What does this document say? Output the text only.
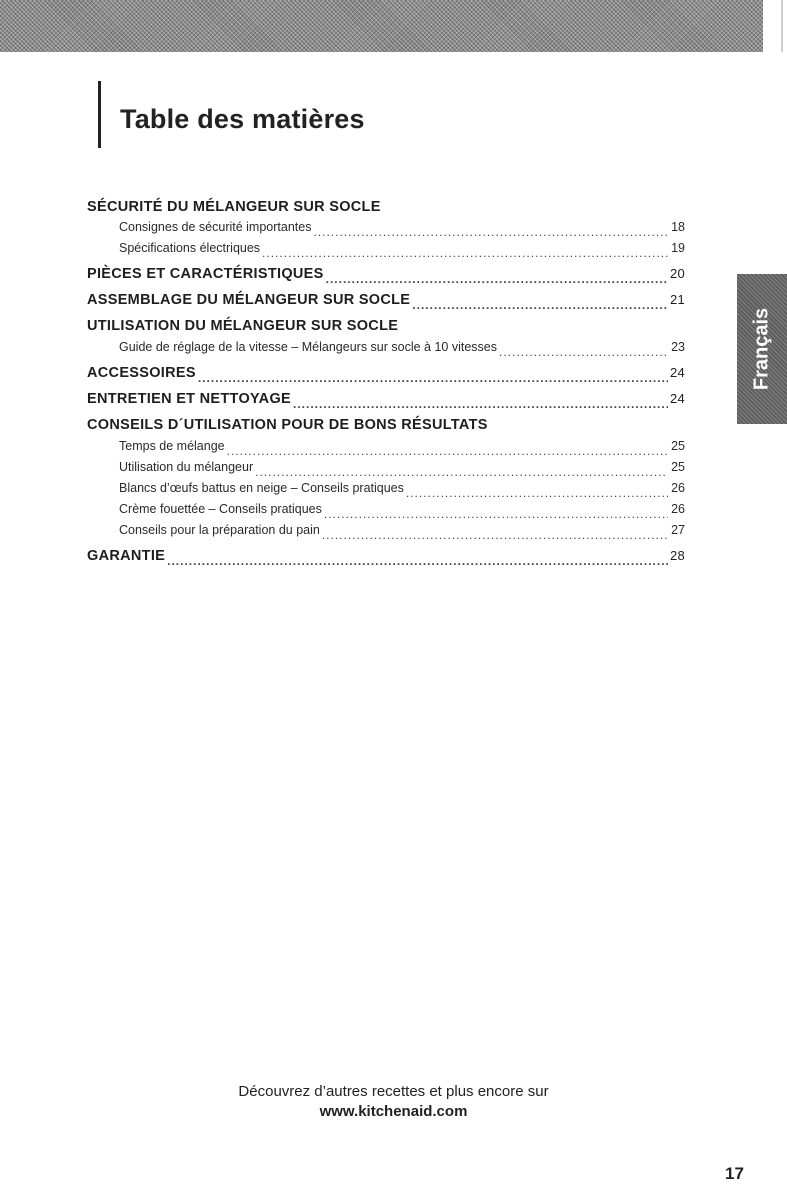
Table des matières
Français
SÉCURITÉ DU MÉLANGEUR SUR SOCLE
Consignes de sécurité importantes .....	18
Spécifications électriques .....	19
PIÈCES ET CARACTÉRISTIQUES .....	20
ASSEMBLAGE DU MÉLANGEUR SUR SOCLE .....	21
UTILISATION DU MÉLANGEUR SUR SOCLE
Guide de réglage de la vitesse – Mélangeurs sur socle à 10 vitesses .....	23
ACCESSOIRES .....	24
ENTRETIEN ET NETTOYAGE .....	24
CONSEILS D´UTILISATION POUR DE BONS RÉSULTATS
Temps de mélange .....	25
Utilisation du mélangeur .....	25
Blancs d’œufs battus en neige – Conseils pratiques .....	26
Crème fouettée – Conseils pratiques .....	26
Conseils pour la préparation du pain .....	27
GARANTIE .....	28
Découvrez d’autres recettes et plus encore sur
www.kitchenaid.com
17
